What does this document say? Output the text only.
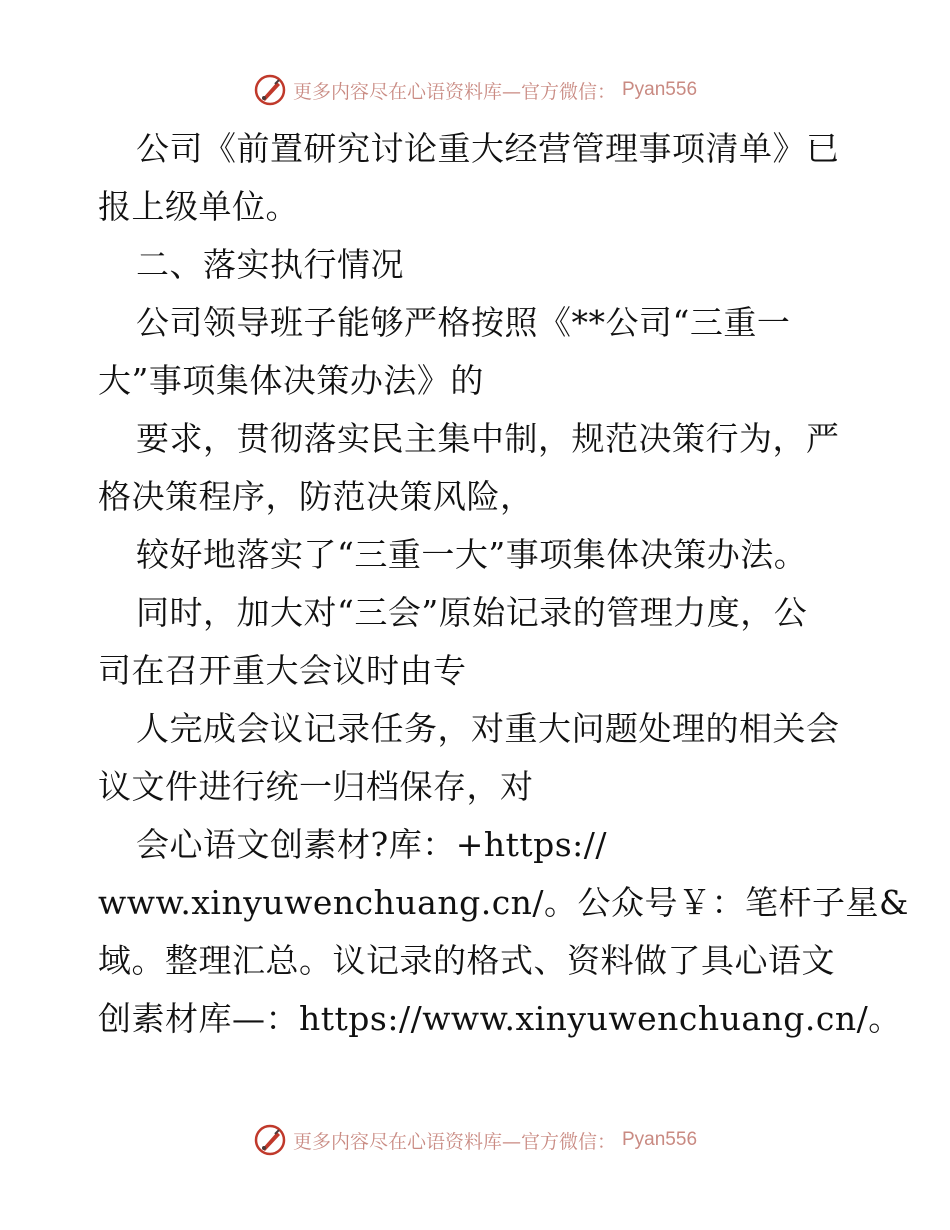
更多内容尽在心语资料库—官方微信： Pyan556
公司《前置研究讨论重大经营管理事项清单》已
报上级单位。
二、落实执行情况
公司领导班子能够严格按照《**公司“三重一
大”事项集体决策办法》的
要求，贯彻落实民主集中制，规范决策行为，严
格决策程序，防范决策风险，
较好地落实了“三重一大”事项集体决策办法。
同时，加大对“三会”原始记录的管理力度，公
司在召开重大会议时由专
人完成会议记录任务，对重大问题处理的相关会
议文件进行统一归档保存，对
会心语文创素材?库：+https://
www.xinyuwenchuang.cn/。公众号￥：笔杆子星&
域。整理汇总。议记录的格式、资料做了具心语文
创素材库—：https://www.xinyuwenchuang.cn/。
更多内容尽在心语资料库—官方微信： Pyan556
